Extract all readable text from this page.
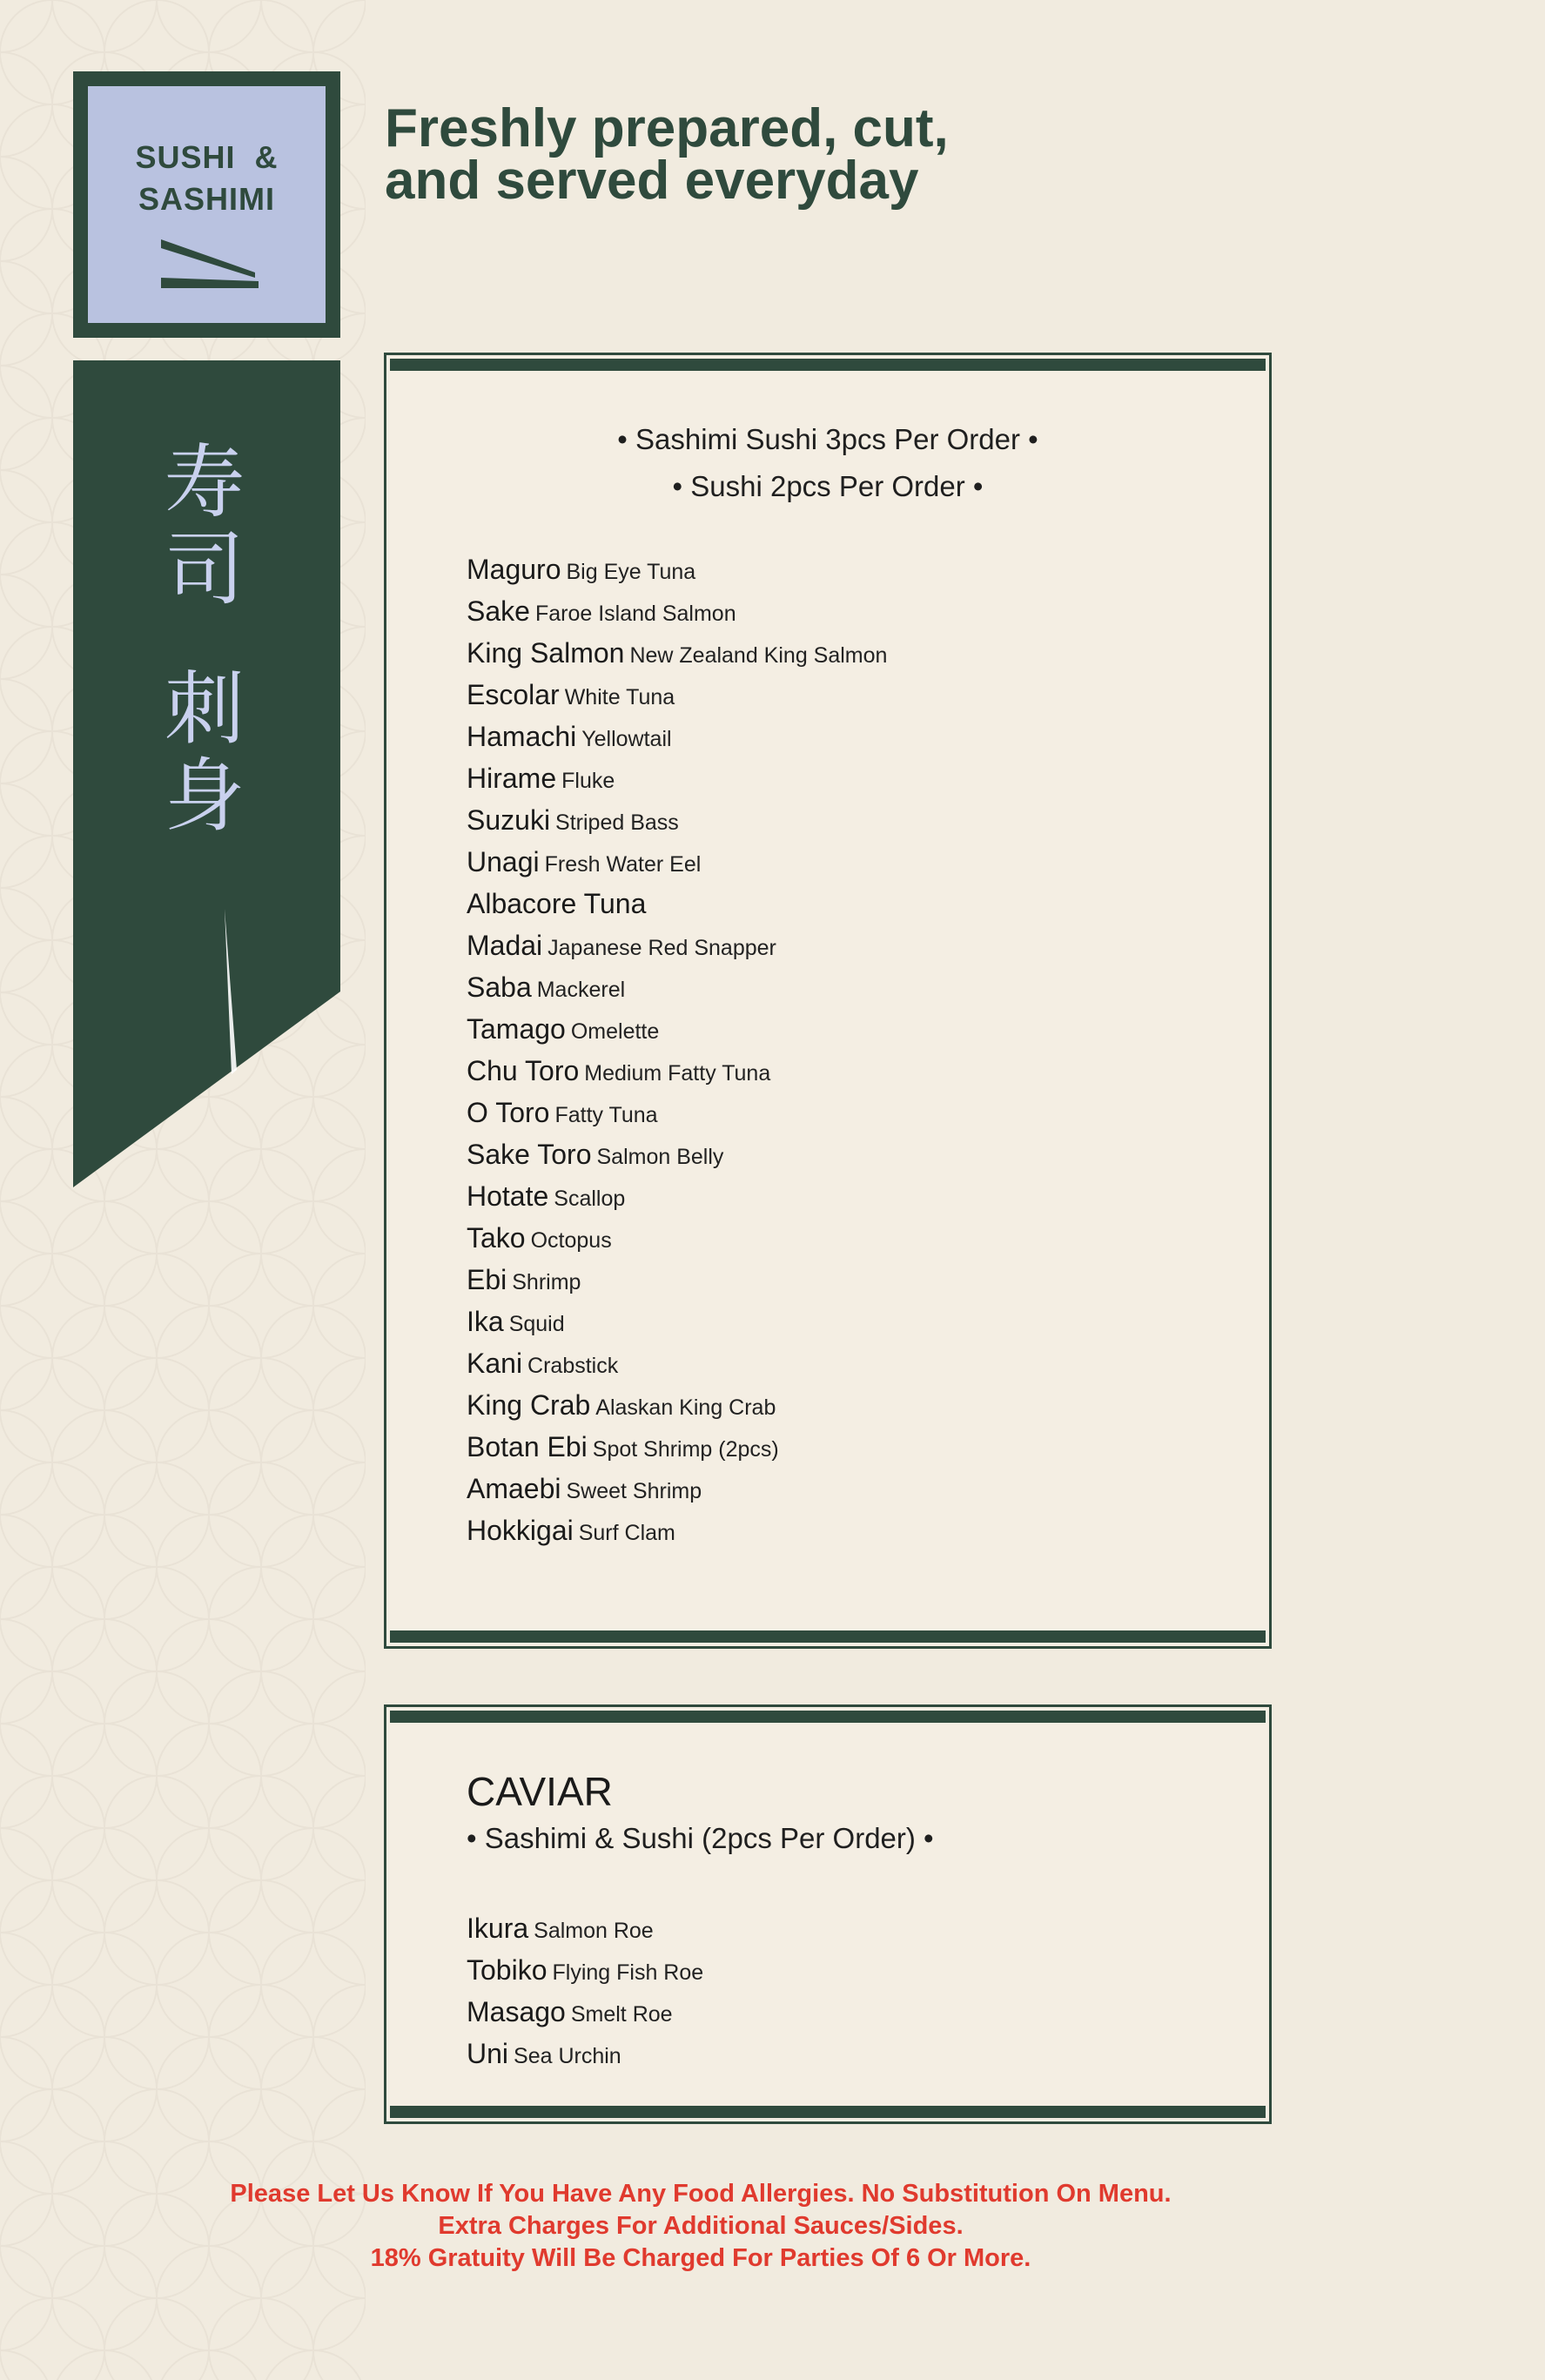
SUSHI  &
SASHIMI
寿
司
刺
身
Freshly prepared, cut,
and served everyday
• Sashimi Sushi 3pcs Per Order •
• Sushi 2pcs Per Order •
Maguro Big Eye Tuna
Sake Faroe Island Salmon
King Salmon New Zealand King Salmon
Escolar White Tuna
Hamachi Yellowtail
Hirame Fluke
Suzuki Striped Bass
Unagi Fresh Water Eel
Albacore Tuna
Madai Japanese Red Snapper
Saba Mackerel
Tamago Omelette
Chu Toro Medium Fatty Tuna
O Toro Fatty Tuna
Sake Toro Salmon Belly
Hotate Scallop
Tako Octopus
Ebi Shrimp
Ika Squid
Kani Crabstick
King Crab Alaskan King Crab
Botan Ebi Spot Shrimp (2pcs)
Amaebi Sweet Shrimp
Hokkigai Surf Clam
CAVIAR
• Sashimi & Sushi (2pcs Per Order) •
Ikura Salmon Roe
Tobiko Flying Fish Roe
Masago Smelt Roe
Uni Sea Urchin
Please Let Us Know If You Have Any Food Allergies. No Substitution On Menu.
Extra Charges For Additional Sauces/Sides.
18% Gratuity Will Be Charged For Parties Of 6 Or More.
